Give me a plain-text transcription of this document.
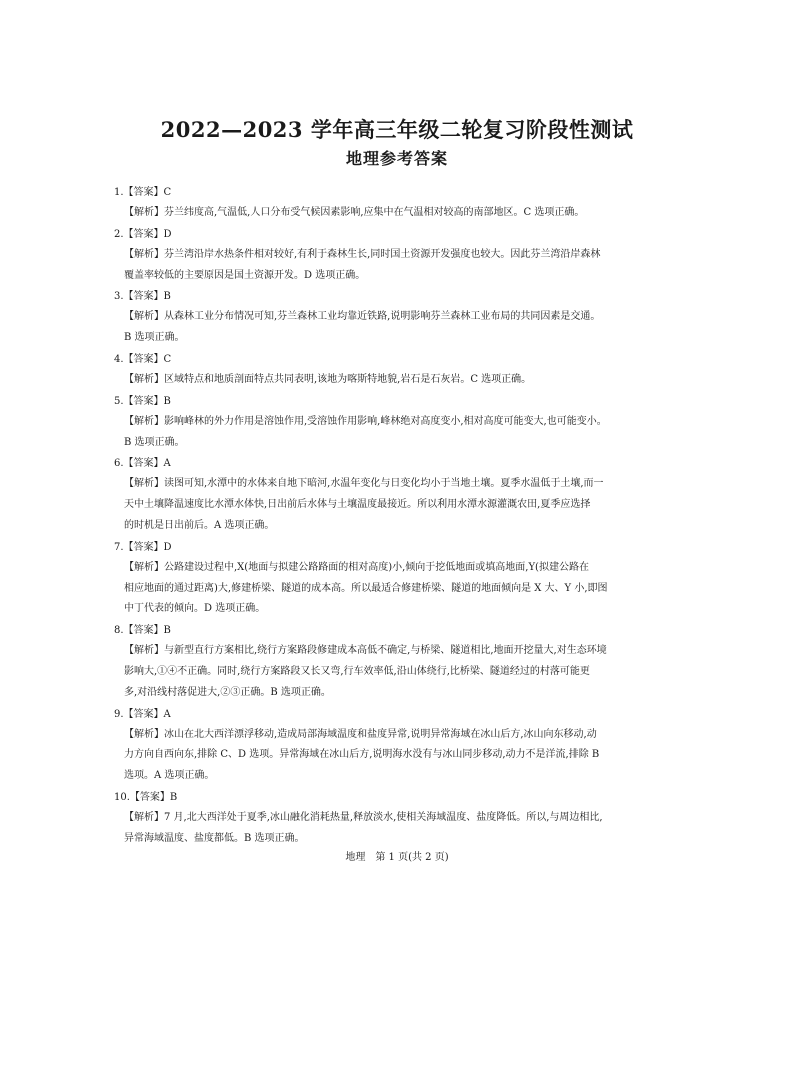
2022—2023 学年高三年级二轮复习阶段性测试
地理参考答案
1.【答案】C
【解析】芬兰纬度高,气温低,人口分布受气候因素影响,应集中在气温相对较高的南部地区。C 选项正确。
2.【答案】D
【解析】芬兰湾沿岸水热条件相对较好,有利于森林生长,同时国土资源开发强度也较大。因此芬兰湾沿岸森林
覆盖率较低的主要原因是国土资源开发。D 选项正确。
3.【答案】B
【解析】从森林工业分布情况可知,芬兰森林工业均靠近铁路,说明影响芬兰森林工业布局的共同因素是交通。
B 选项正确。
4.【答案】C
【解析】区域特点和地质剖面特点共同表明,该地为喀斯特地貌,岩石是石灰岩。C 选项正确。
5.【答案】B
【解析】影响峰林的外力作用是溶蚀作用,受溶蚀作用影响,峰林绝对高度变小,相对高度可能变大,也可能变小。
B 选项正确。
6.【答案】A
【解析】读图可知,水潭中的水体来自地下暗河,水温年变化与日变化均小于当地土壤。夏季水温低于土壤,而一
天中土壤降温速度比水潭水体快,日出前后水体与土壤温度最接近。所以利用水潭水源灌溉农田,夏季应选择
的时机是日出前后。A 选项正确。
7.【答案】D
【解析】公路建设过程中,X(地面与拟建公路路面的相对高度)小,倾向于挖低地面或填高地面,Y(拟建公路在
相应地面的通过距离)大,修建桥梁、隧道的成本高。所以最适合修建桥梁、隧道的地面倾向是 X 大、Y 小,即图
中丁代表的倾向。D 选项正确。
8.【答案】B
【解析】与新型直行方案相比,绕行方案路段修建成本高低不确定,与桥梁、隧道相比,地面开挖量大,对生态环境
影响大,①④不正确。同时,绕行方案路段又长又弯,行车效率低,沿山体绕行,比桥梁、隧道经过的村落可能更
多,对沿线村落促进大,②③正确。B 选项正确。
9.【答案】A
【解析】冰山在北大西洋漂浮移动,造成局部海域温度和盐度异常,说明异常海域在冰山后方,冰山向东移动,动
力方向自西向东,排除 C、D 选项。异常海域在冰山后方,说明海水没有与冰山同步移动,动力不是洋流,排除 B
选项。A 选项正确。
10.【答案】B
【解析】7 月,北大西洋处于夏季,冰山融化消耗热量,释放淡水,使相关海域温度、盐度降低。所以,与周边相比,
异常海域温度、盐度都低。B 选项正确。
地理　第 1 页(共 2 页)
